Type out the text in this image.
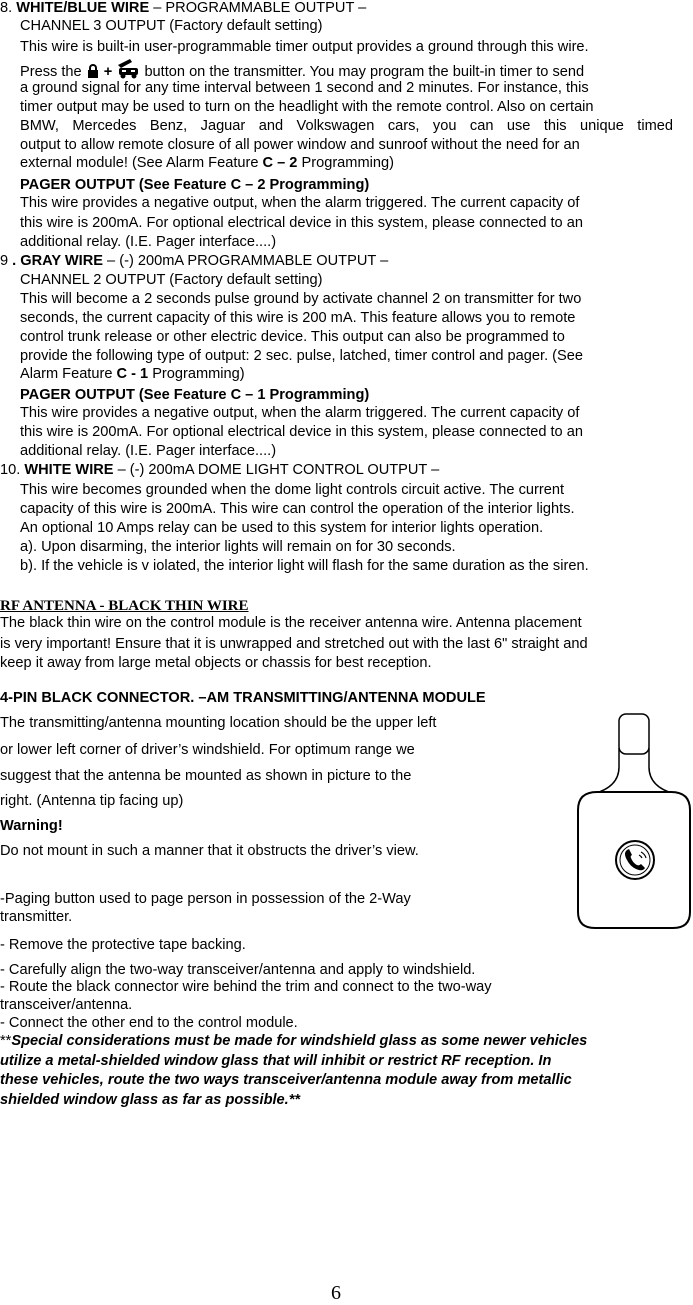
8. WHITE/BLUE WIRE – PROGRAMMABLE OUTPUT –
CHANNEL 3 OUTPUT (Factory default setting)
This wire is built-in user-programmable timer output provides a ground through this wire.
Press the + button on the transmitter. You may program the built-in timer to send
a ground signal for any time interval between 1 second and 2 minutes. For instance, this
timer output may be used to turn on the headlight with the remote control. Also on certain
BMW, Mercedes Benz, Jaguar and Volkswagen cars, you can use this unique timed
output to allow remote closure of all power window and sunroof without the need for an
external module! (See Alarm Feature C – 2 Programming)
PAGER OUTPUT (See Feature C – 2 Programming)
This wire provides a negative output, when the alarm triggered. The current capacity of
this wire is 200mA. For optional electrical device in this system, please connected to an
additional relay. (I.E. Pager interface....)
9 . GRAY WIRE – (-) 200mA PROGRAMMABLE OUTPUT –
CHANNEL 2 OUTPUT (Factory default setting)
This will become a 2 seconds pulse ground by activate channel 2 on transmitter for two
seconds, the current capacity of this wire is 200 mA. This feature allows you to remote
control trunk release or other electric device. This output can also be programmed to
provide the following type of output: 2 sec. pulse, latched, timer control and pager. (See
Alarm Feature C - 1 Programming)
PAGER OUTPUT (See Feature C – 1 Programming)
This wire provides a negative output, when the alarm triggered. The current capacity of
this wire is 200mA. For optional electrical device in this system, please connected to an
additional relay. (I.E. Pager interface....)
10. WHITE WIRE – (-) 200mA DOME LIGHT CONTROL OUTPUT –
This wire becomes grounded when the dome light controls circuit active. The current
capacity of this wire is 200mA. This wire can control the operation of the interior lights.
An optional 10 Amps relay can be used to this system for interior lights operation.
a). Upon disarming, the interior lights will remain on for 30 seconds.
b). If the vehicle is v iolated, the interior light will flash for the same duration as the siren.
RF ANTENNA - BLACK THIN WIRE
The black thin wire on the control module is the receiver antenna wire. Antenna placement
is very important! Ensure that it is unwrapped and stretched out with the last 6" straight and
keep it away from large metal objects or chassis for best reception.
4-PIN BLACK CONNECTOR. –AM TRANSMITTING/ANTENNA MODULE
The transmitting/antenna mounting location should be the upper left
or lower left corner of driver’s windshield. For optimum range we
suggest that the antenna be mounted as shown in picture to the
right. (Antenna tip facing up)
Warning!
Do not mount in such a manner that it obstructs the driver’s view.
-Paging button used to page person in possession of the 2-Way
transmitter.
- Remove the protective tape backing.
- Carefully align the two-way transceiver/antenna and apply to windshield.
- Route the black connector wire behind the trim and connect to the two-way
transceiver/antenna.
- Connect the other end to the control module.
**Special considerations must be made for windshield glass as some newer vehicles
utilize a metal-shielded window glass that will inhibit or restrict RF reception. In
these vehicles, route the two ways transceiver/antenna module away from metallic
shielded window glass as far as possible.**
6
